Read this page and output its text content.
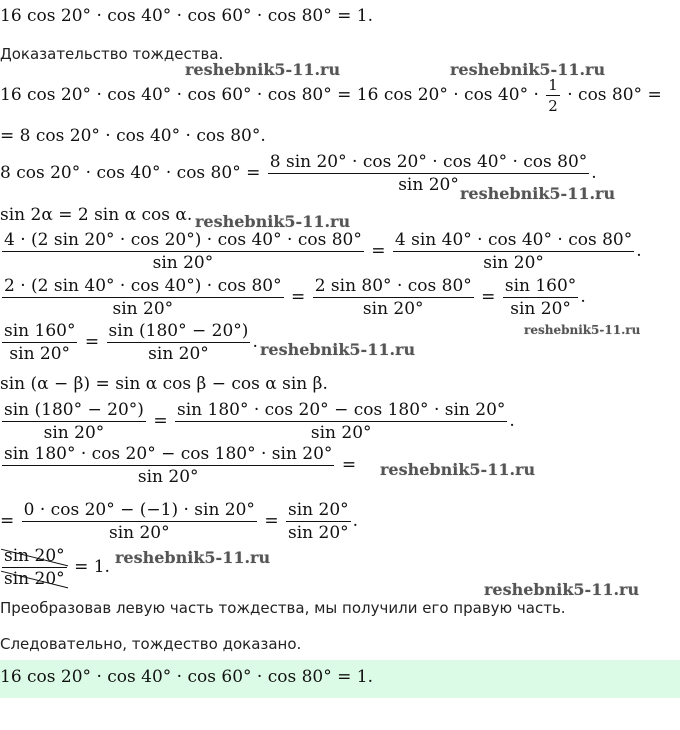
16 cos 20° · cos 40° · cos 60° · cos 80° = 1.
Доказательство тождества.
16 cos 20° · cos 40° · cos 60° · cos 80° = 16 $\cos 20^\circ \cdot \cos 40^\circ \cdot \frac{1}{2} \cdot \cos 80^\circ$ =
= 8 cos 20° · cos 40° · cos 80°.
8 $\cos 20^\circ \cdot \cos 40^\circ \cdot \cos 80^\circ = \frac{8 \sin 20^\circ \cdot \cos 20^\circ \cdot \cos 40^\circ \cdot \cos 80^\circ}{\sin 20^\circ}$ .
sin 2α = 2 sin α cos α.
$\frac{4 \cdot (2 \sin 20^\circ \cdot \cos 20^\circ) \cdot \cos 40^\circ \cdot \cos 80^\circ}{\sin 20^\circ} = \frac{4 \sin 40^\circ \cdot \cos 40^\circ \cdot \cos 80^\circ}{\sin 20^\circ}$ .
$\frac{2 \cdot (2 \sin 40^\circ \cdot \cos 40^\circ) \cdot \cos 80^\circ}{\sin 20^\circ} = \frac{2 \sin 80^\circ \cdot \cos 80^\circ}{\sin 20^\circ} = \frac{\sin 160^\circ}{\sin 20^\circ}$ .
$\frac{\sin 160^\circ}{\sin 20^\circ} = \frac{\sin (180^\circ - 20^\circ)}{\sin 20^\circ}$ .
sin (α − β) = sin α cos β − cos α sin β.
$\frac{\sin (180^\circ - 20^\circ)}{\sin 20^\circ} = \frac{\sin 180^\circ \cdot \cos 20^\circ - \cos 180^\circ \cdot \sin 20^\circ}{\sin 20^\circ}$ .
$\frac{\sin 180^\circ \cdot \cos 20^\circ - \cos 180^\circ \cdot \sin 20^\circ}{\sin 20^\circ}$ =
= $\frac{0 \cdot \cos 20^\circ - (-1) \cdot \sin 20^\circ}{\sin 20^\circ} = \frac{\sin 20^\circ}{\sin 20^\circ}$ .
$\frac{\sin 20^\circ}{\sin 20^\circ} = 1$.
Преобразовав левую часть тождества, мы получили его правую часть.
Следовательно, тождество доказано.
16 cos 20° · cos 40° · cos 60° · cos 80° = 1.
reshebnik5-11.ru	reshebnik5-11.ru
reshebnik5-11.ru
reshebnik5-11.ru
reshebnik5-11.ru
reshebnik5-11.ru
reshebnik5-11.ru
reshebnik5-11.ru
reshebnik5-11.ru
